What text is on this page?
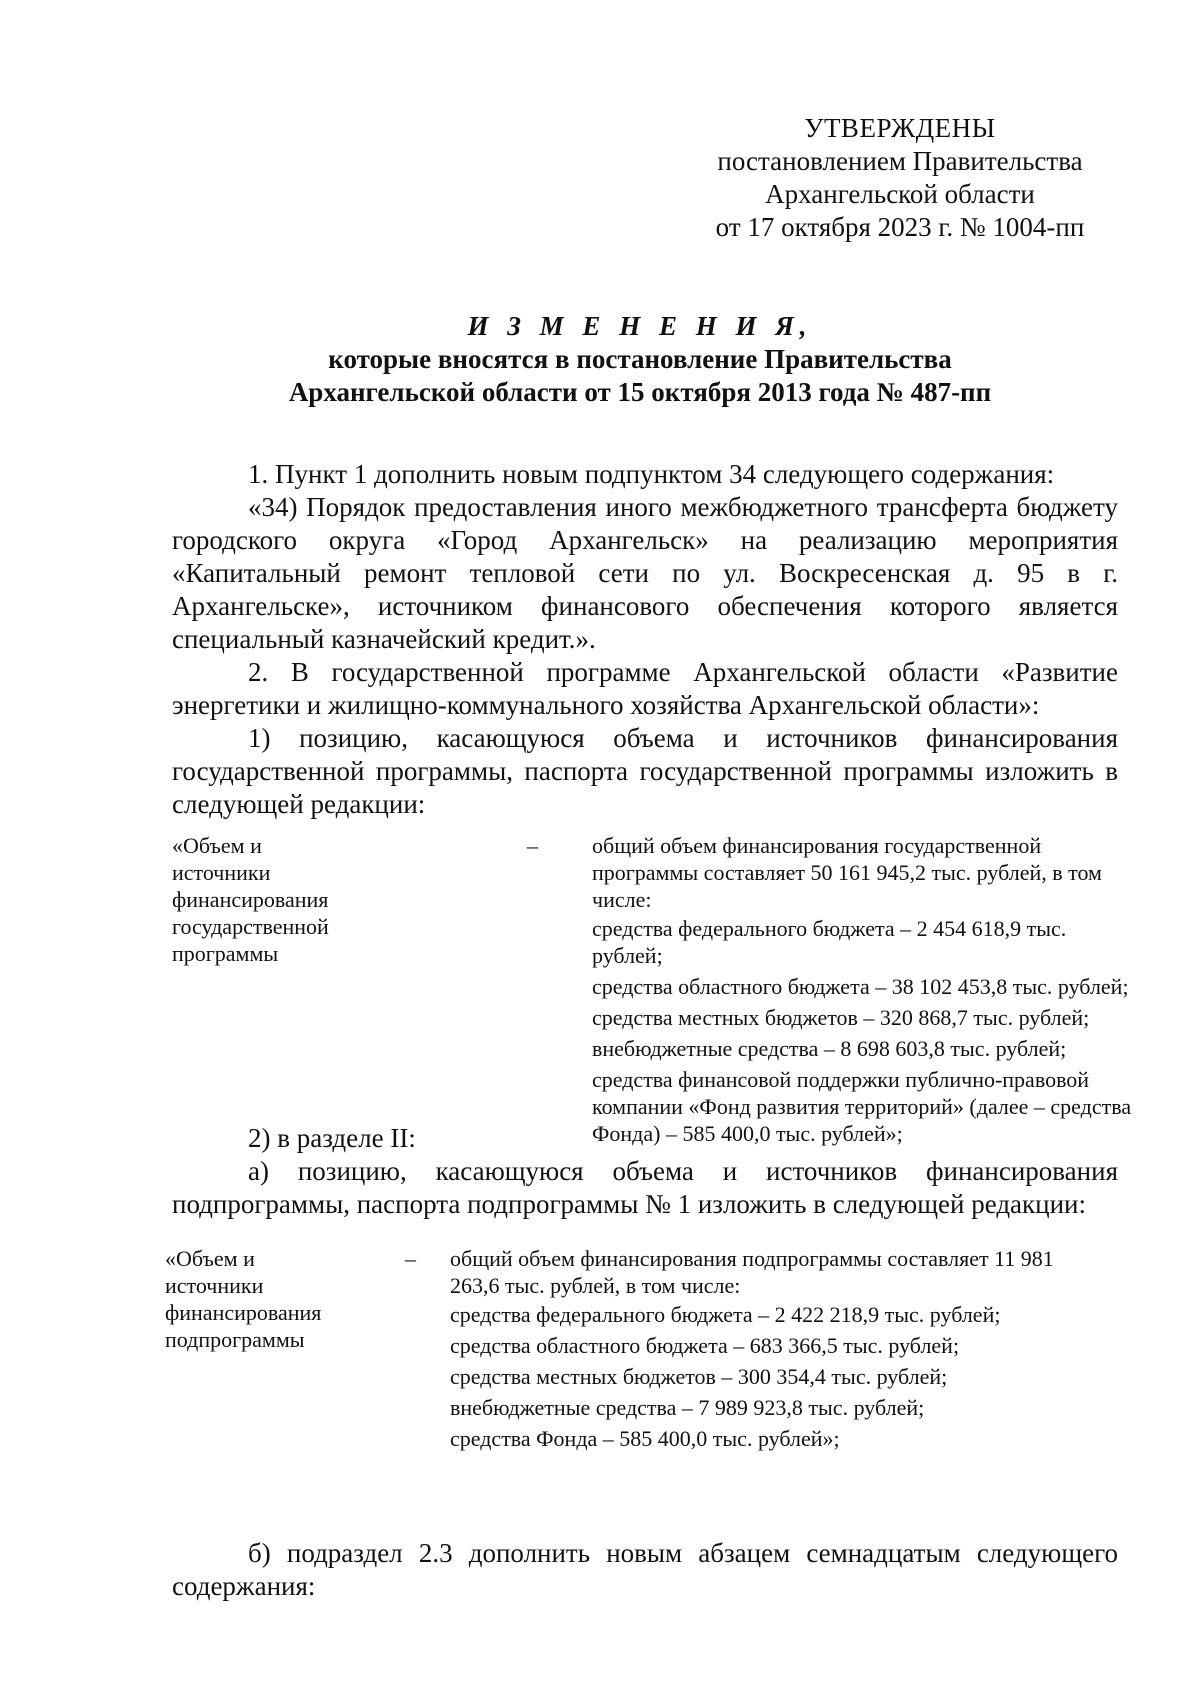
УТВЕРЖДЕНЫ
постановлением Правительства
Архангельской области
от 17 октября 2023 г. № 1004-пп
И З М Е Н Е Н И Я,
которые вносятся в постановление Правительства
Архангельской области от 15 октября 2013 года № 487-пп

1. Пункт 1 дополнить новым подпунктом 34 следующего содержания:

«34) Порядок предоставления иного межбюджетного трансферта бюджету городского округа «Город Архангельск» на реализацию мероприятия «Капитальный ремонт тепловой сети по ул. Воскресенская д. 95 в г. Архангельске», источником финансового обеспечения которого является специальный казначейский кредит.».

2. В государственной программе Архангельской области «Развитие энергетики и жилищно-коммунального хозяйства Архангельской области»:

1) позицию, касающуюся объема и источников финансирования государственной программы, паспорта государственной программы изложить в следующей редакции:

«Объем и источники финансирования государственной программы
– общий объем финансирования государственной программы составляет 50 161 945,2 тыс. рублей, в том числе:
средства федерального бюджета – 2 454 618,9 тыс. рублей;
средства областного бюджета – 38 102 453,8 тыс. рублей;
средства местных бюджетов – 320 868,7 тыс. рублей;
внебюджетные средства – 8 698 603,8 тыс. рублей;
средства финансовой поддержки публично-правовой компании «Фонд развития территорий» (далее – средства Фонда) – 585 400,0 тыс. рублей»;

2) в разделе II:

а) позицию, касающуюся объема и источников финансирования подпрограммы, паспорта подпрограммы № 1 изложить в следующей редакции:

«Объем и источники финансирования подпрограммы
– общий объем финансирования подпрограммы составляет 11 981 263,6 тыс. рублей, в том числе:
средства федерального бюджета – 2 422 218,9 тыс. рублей;
средства областного бюджета – 683 366,5 тыс. рублей;
средства местных бюджетов – 300 354,4 тыс. рублей;
внебюджетные средства – 7 989 923,8 тыс. рублей;
средства Фонда – 585 400,0 тыс. рублей»;

б) подраздел 2.3 дополнить новым абзацем семнадцатым следующего содержания:
